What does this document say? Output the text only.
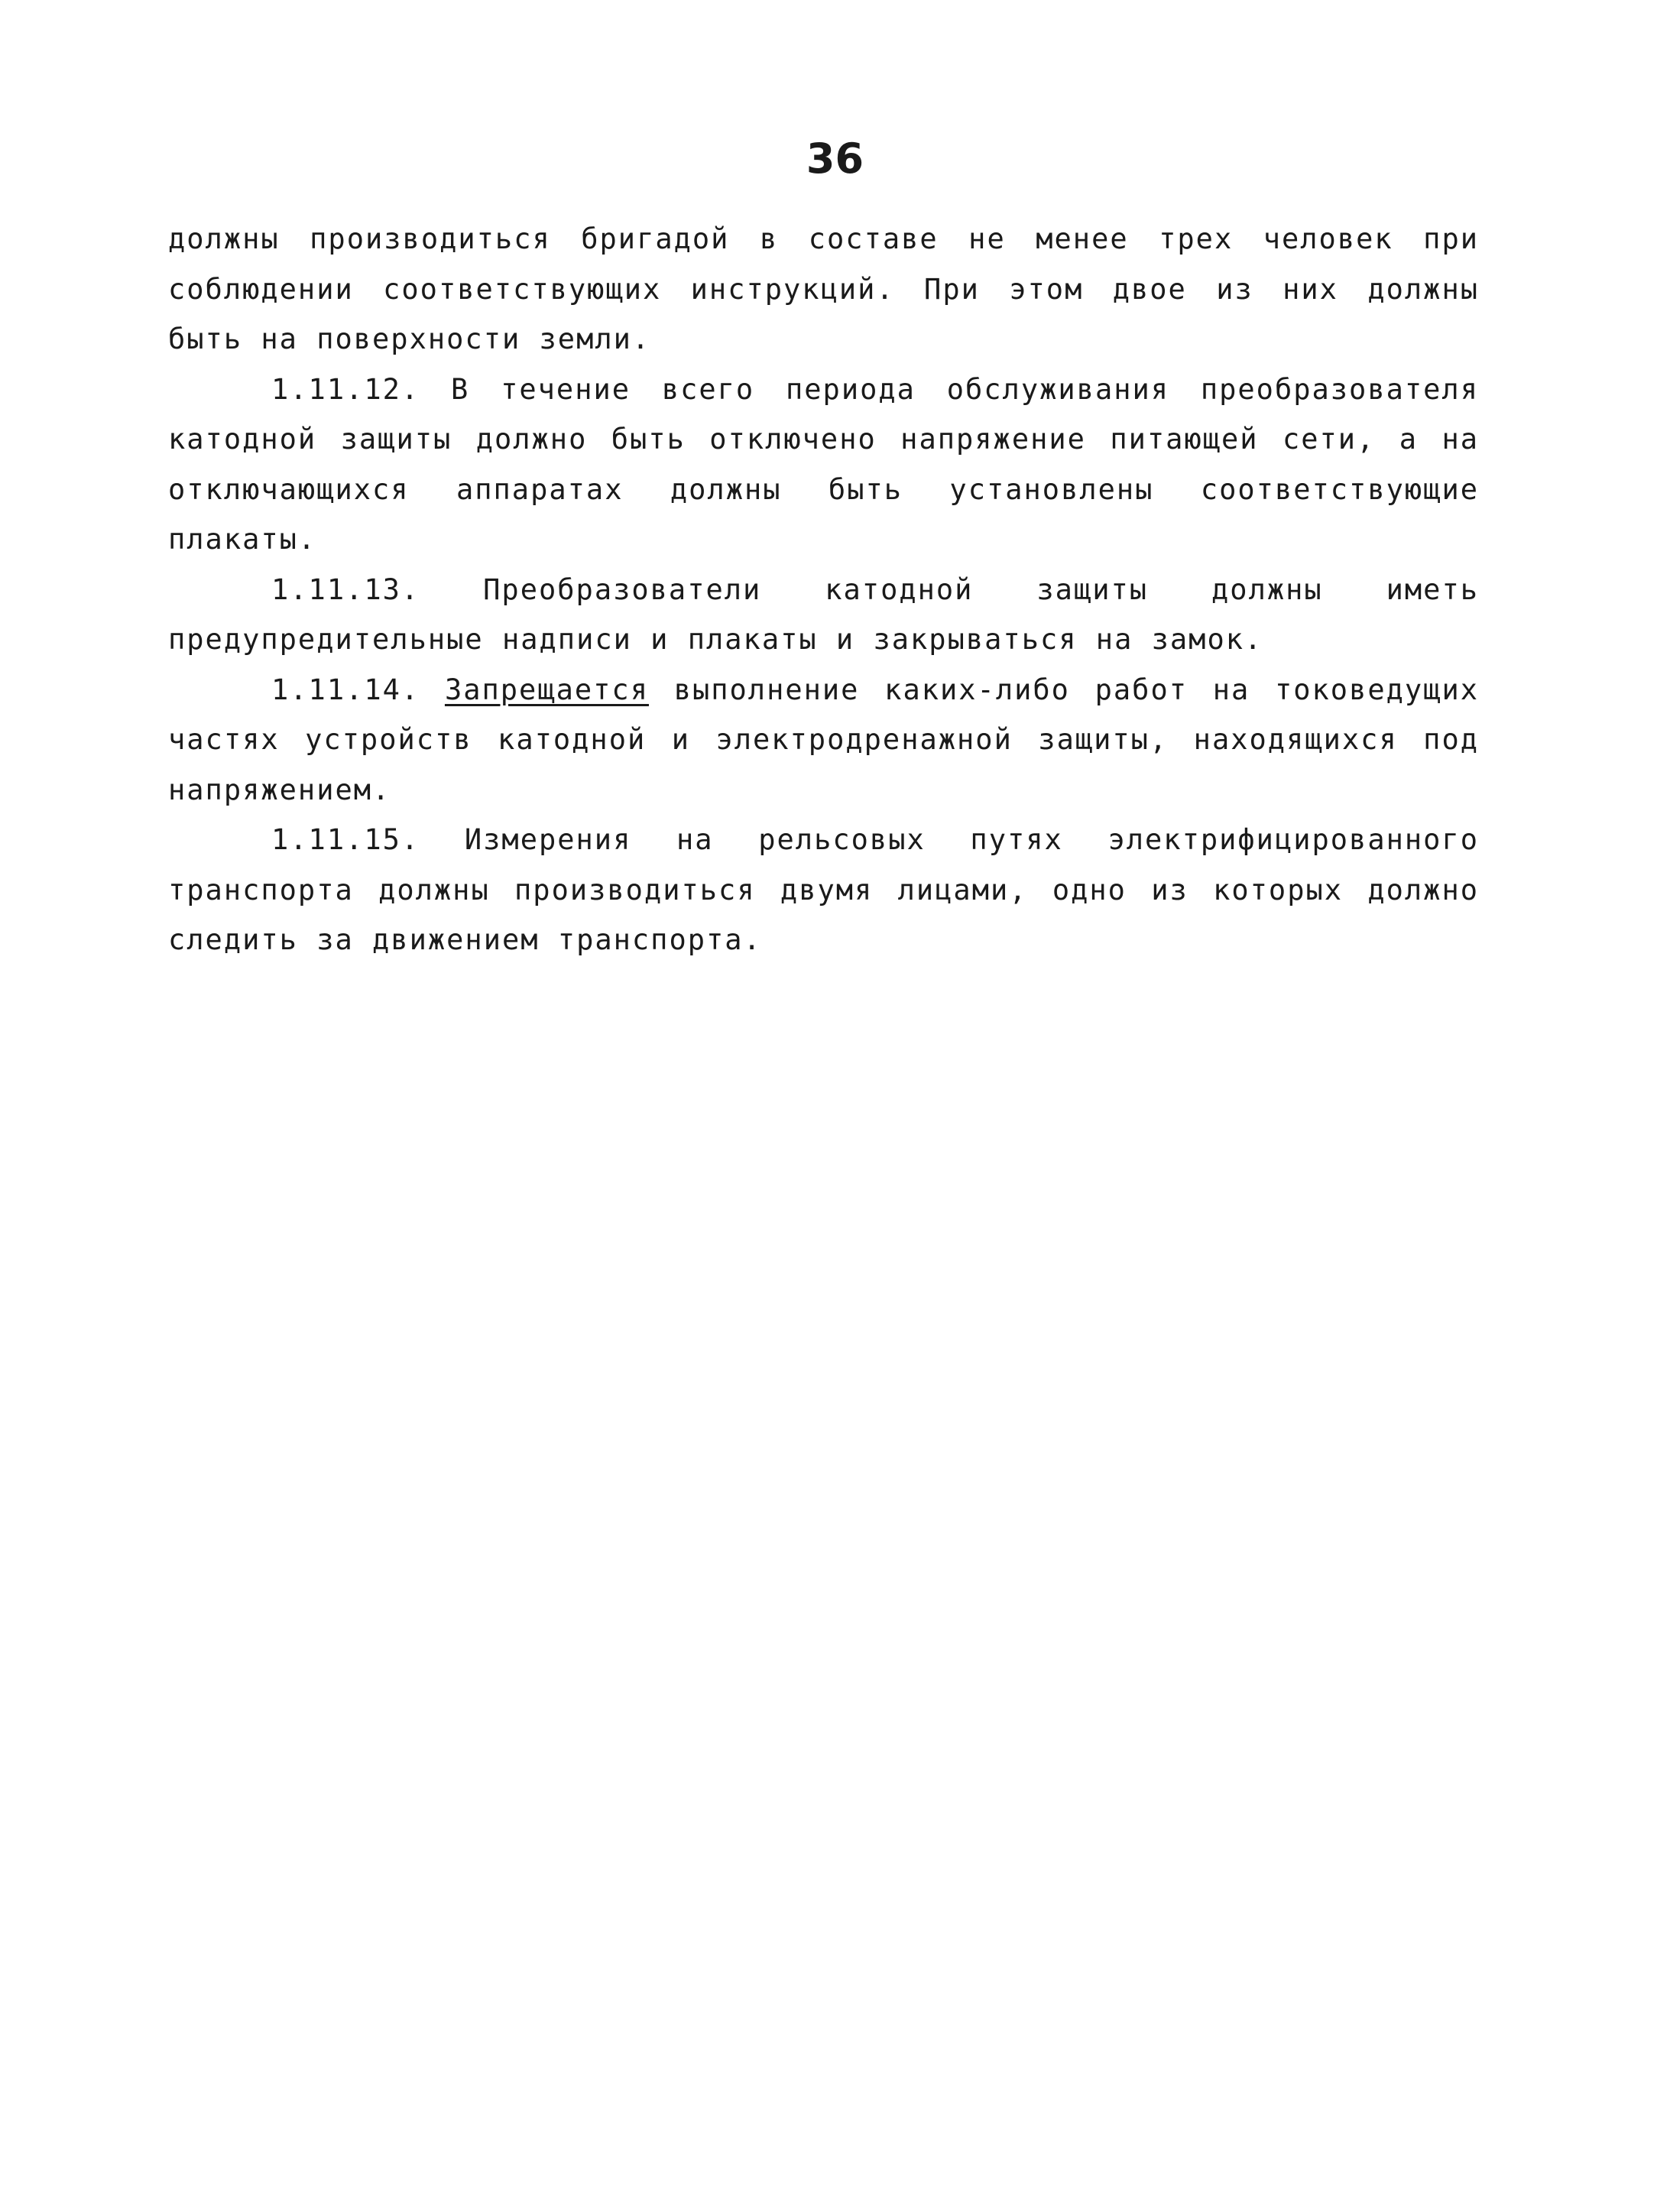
36

должны производиться бригадой в составе не менее трех человек при соблюдении соответствующих инструкций. При этом двое из них должны быть на поверхности земли.

1.11.12. В течение всего периода обслуживания преобразователя катодной защиты должно быть отключено напряжение питающей сети, а на отключающихся аппаратах должны быть установлены соответствующие плакаты.

1.11.13. Преобразователи катодной защиты должны иметь предупредительные надписи и плакаты и закрываться на замок.

1.11.14. Запрещается выполнение каких-либо работ на токоведущих частях устройств катодной и электродренажной защиты, находящихся под напряжением.

1.11.15. Измерения на рельсовых путях электрифицированного транспорта должны производиться двумя лицами, одно из которых должно следить за движением транспорта.
